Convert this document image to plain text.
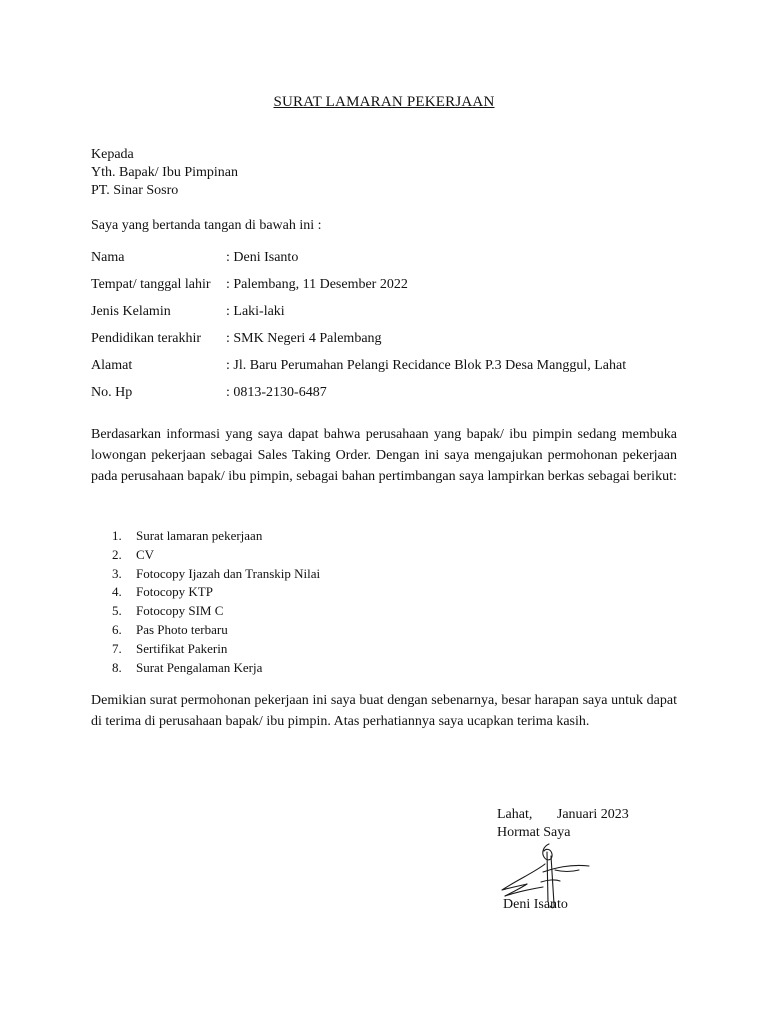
SURAT LAMARAN PEKERJAAN
Kepada
Yth. Bapak/ Ibu Pimpinan
PT. Sinar Sosro
Saya yang bertanda tangan di bawah ini :
Nama	: Deni Isanto
Tempat/ tanggal lahir	: Palembang, 11 Desember 2022
Jenis Kelamin	: Laki-laki
Pendidikan terakhir	: SMK Negeri 4 Palembang
Alamat	: Jl. Baru Perumahan Pelangi Recidance Blok P.3 Desa Manggul, Lahat
No. Hp	: 0813-2130-6487
Berdasarkan informasi yang saya dapat bahwa perusahaan yang bapak/ ibu pimpin sedang membuka lowongan pekerjaan sebagai Sales Taking Order. Dengan ini saya mengajukan permohonan pekerjaan pada perusahaan bapak/ ibu pimpin, sebagai bahan pertimbangan saya lampirkan berkas sebagai berikut:
1.	Surat lamaran pekerjaan
2.	CV
3.	Fotocopy Ijazah dan Transkip Nilai
4.	Fotocopy KTP
5.	Fotocopy SIM C
6.	Pas Photo terbaru
7.	Sertifikat Pakerin
8.	Surat Pengalaman Kerja
Demikian surat permohonan pekerjaan ini saya buat dengan sebenarnya, besar harapan saya untuk dapat di terima di perusahaan bapak/ ibu pimpin. Atas perhatiannya saya ucapkan terima kasih.
Lahat,       Januari 2023
Hormat Saya
Deni Isanto
